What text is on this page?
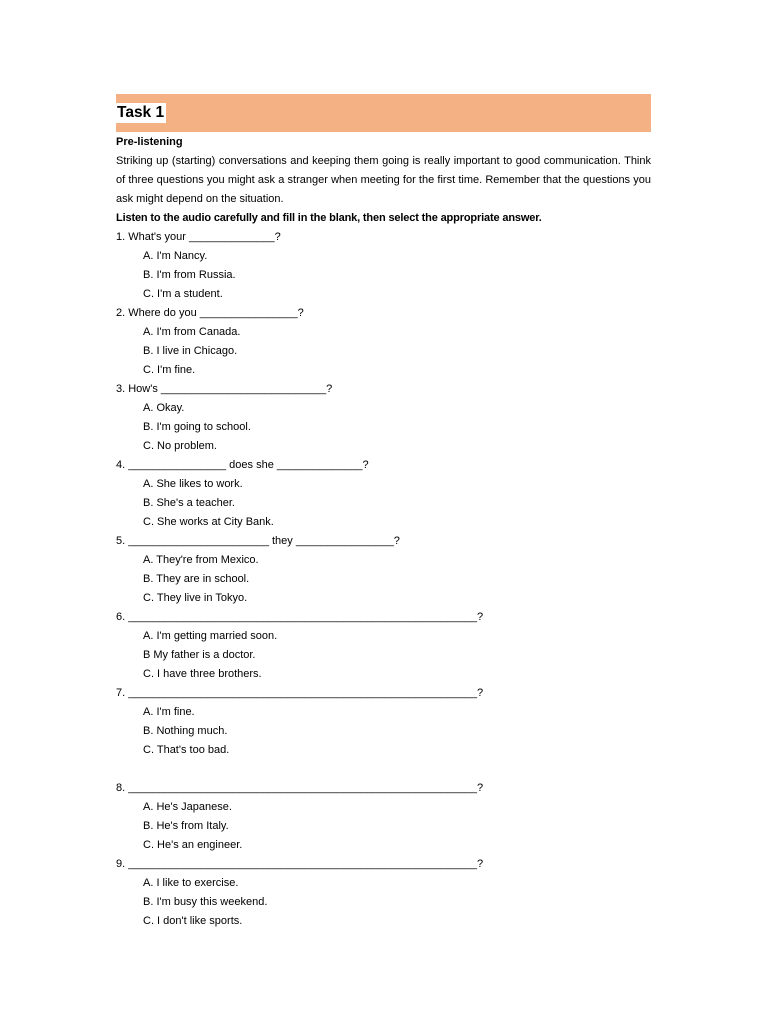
Task 1
Pre-listening
Striking up (starting) conversations and keeping them going is really important to good communication. Think of three questions you might ask a stranger when meeting for the first time. Remember that the questions you ask might depend on the situation.
Listen to the audio carefully and fill in the blank, then select the appropriate answer.
1. What's your ______________?
A. I'm Nancy.
B. I'm from Russia.
C. I'm a student.
2. Where do you ________________?
A. I'm from Canada.
B. I live in Chicago.
C. I'm fine.
3. How's ___________________________?
A. Okay.
B. I'm going to school.
C. No problem.
4. ________________ does she ______________?
A. She likes to work.
B. She's a teacher.
C. She works at City Bank.
5. _______________________ they ________________?
A. They're from Mexico.
B. They are in school.
C. They live in Tokyo.
6. _________________________________________________________?
A. I'm getting married soon.
B My father is a doctor.
C. I have three brothers.
7. _________________________________________________________?
A. I'm fine.
B. Nothing much.
C. That's too bad.
8. _________________________________________________________?
A. He's Japanese.
B. He's from Italy.
C. He's an engineer.
9. _________________________________________________________?
A. I like to exercise.
B. I'm busy this weekend.
C. I don't like sports.
